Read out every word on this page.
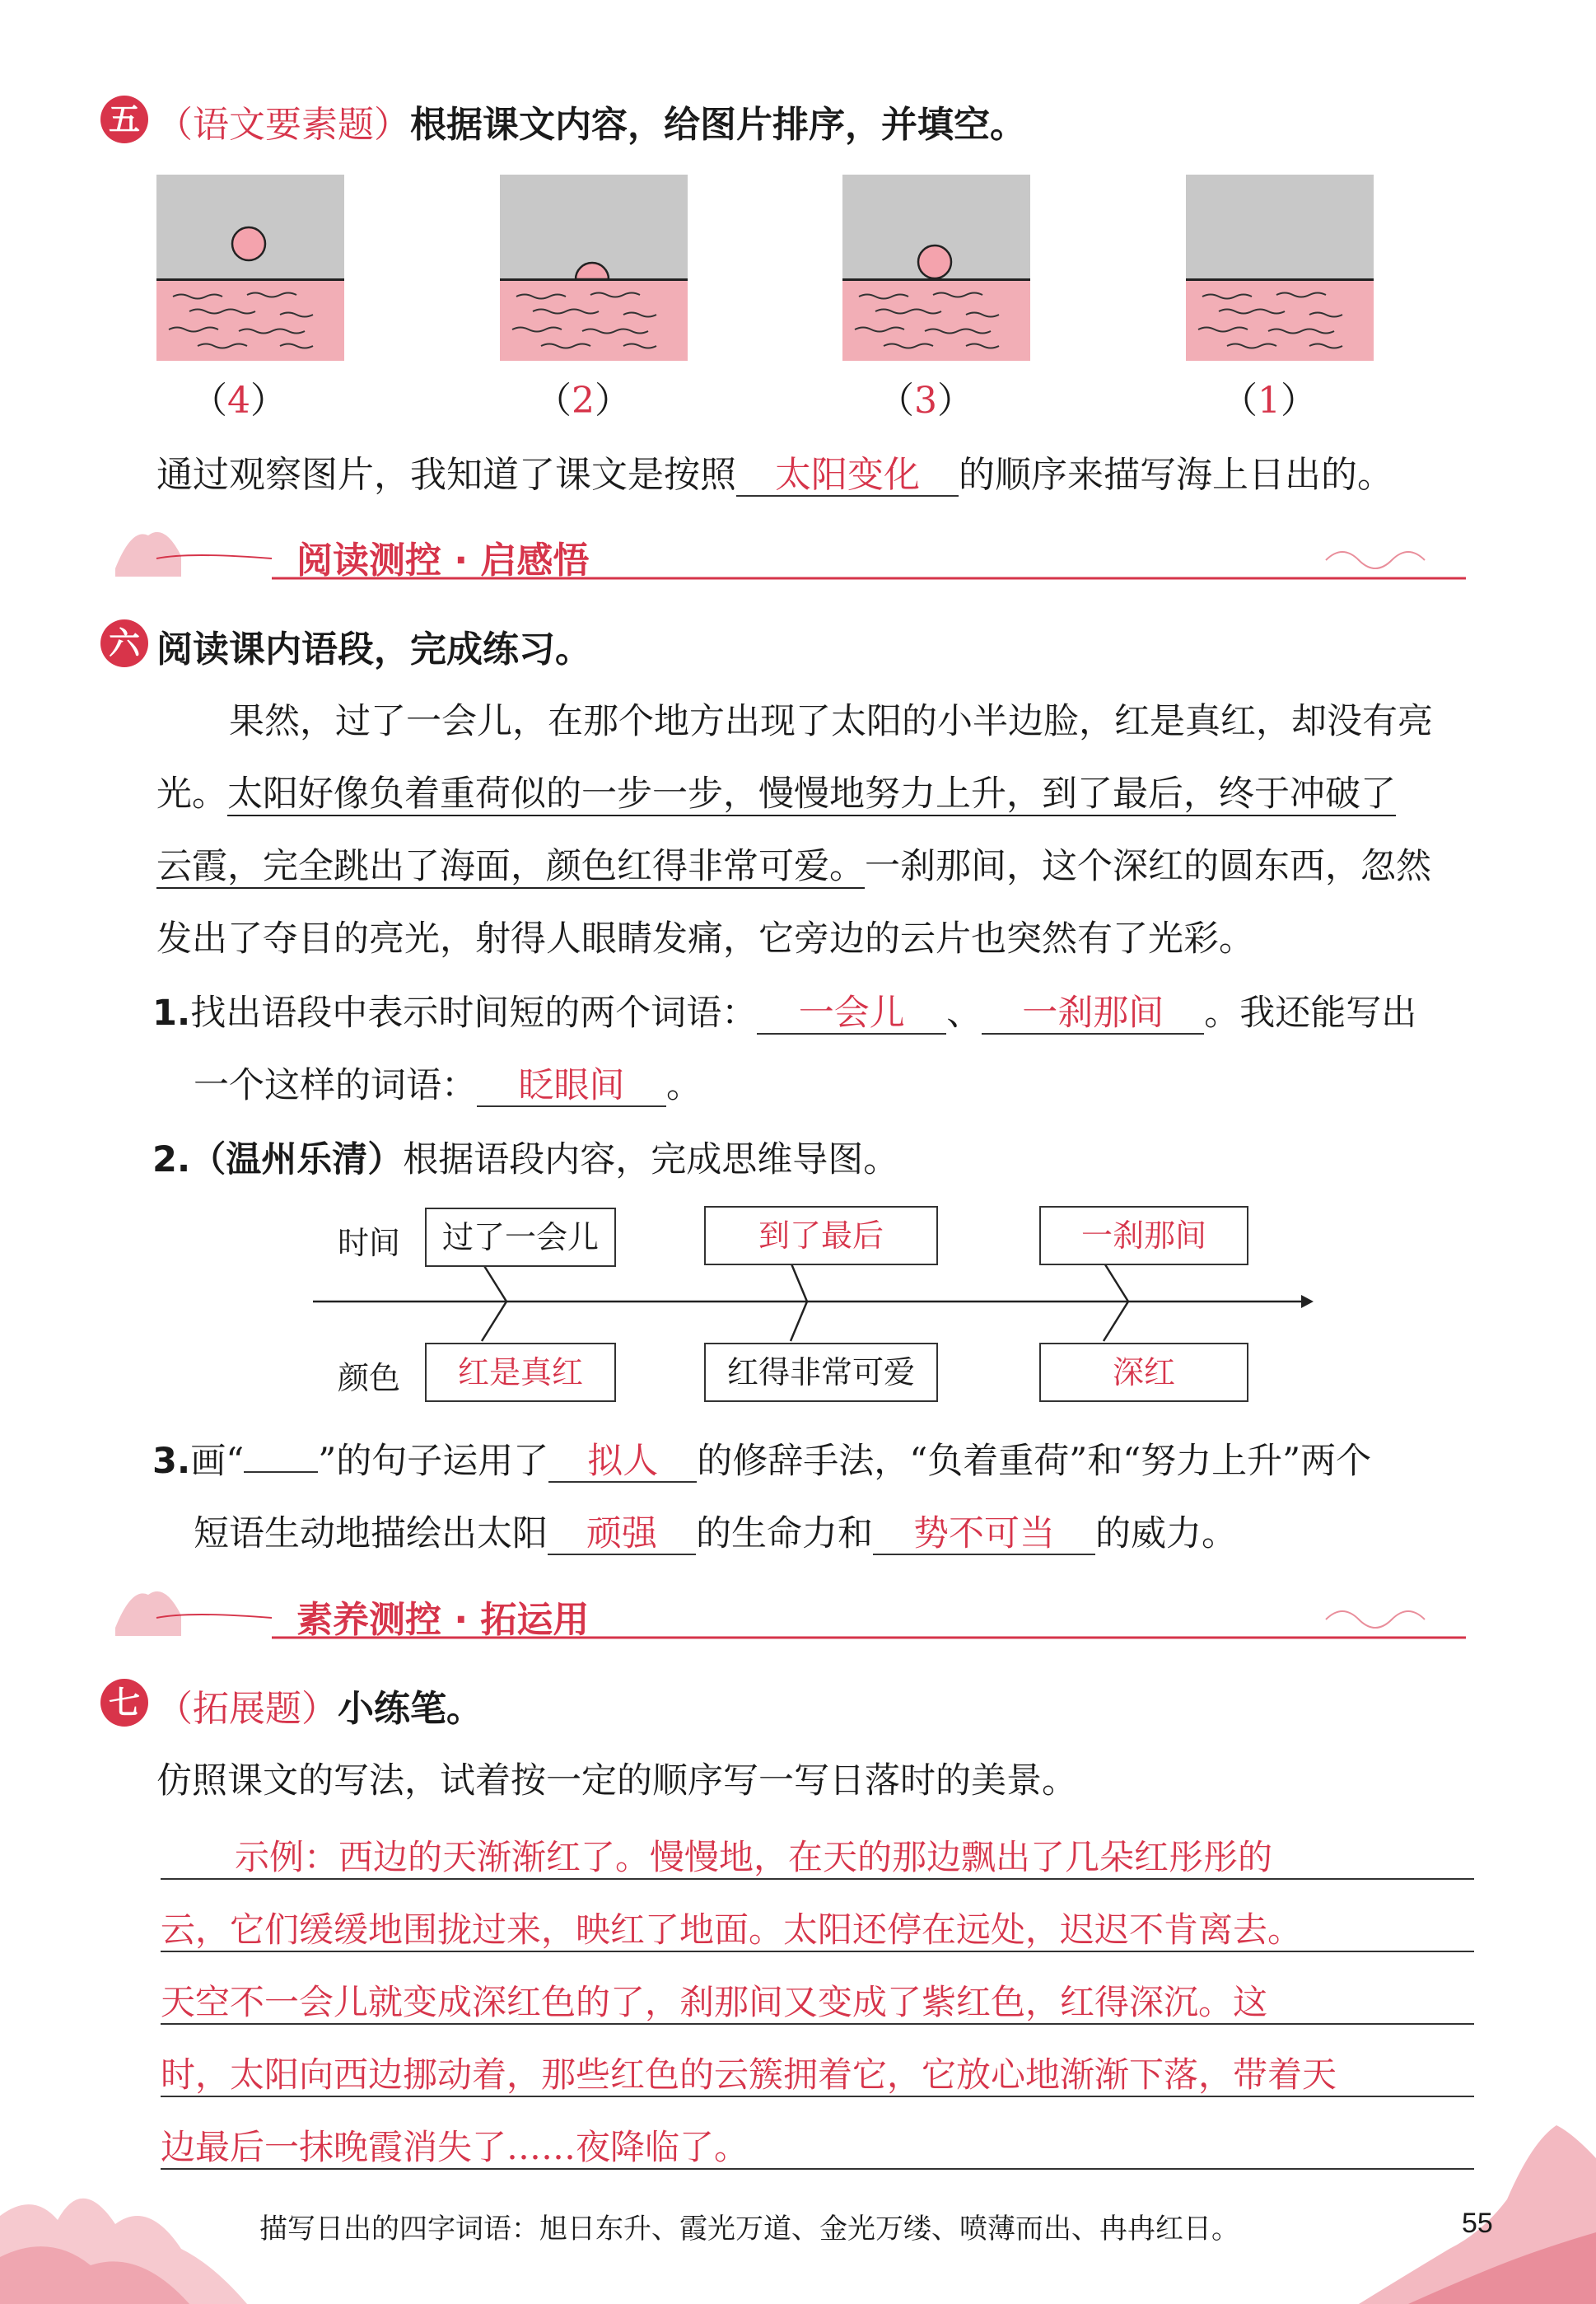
五 （语文要素题）根据课文内容，给图片排序，并填空。
（4）	（2）	（3）	（1）
通过观察图片，我知道了课文是按照 太阳变化 的顺序来描写海上日出的。
阅读测控 · 启感悟
六 阅读课内语段，完成练习。
果然，过了一会儿，在那个地方出现了太阳的小半边脸，红是真红，却没有亮
光。太阳好像负着重荷似的一步一步，慢慢地努力上升，到了最后，终于冲破了
云霞，完全跳出了海面，颜色红得非常可爱。一刹那间，这个深红的圆东西，忽然
发出了夺目的亮光，射得人眼睛发痛，它旁边的云片也突然有了光彩。
1.找出语段中表示时间短的两个词语： 一会儿 、 一刹那间 。我还能写出
一个这样的词语： 眨眼间 。
2.（温州乐清）根据语段内容，完成思维导图。
时间
颜色
过了一会儿	到了最后	一刹那间
红是真红	红得非常可爱	深红
3.画“ ”的句子运用了 拟人 的修辞手法，“负着重荷”和“努力上升”两个
短语生动地描绘出太阳 顽强 的生命力和 势不可当 的威力。
素养测控 · 拓运用
七 （拓展题）小练笔。
仿照课文的写法，试着按一定的顺序写一写日落时的美景。
示例：西边的天渐渐红了。慢慢地，在天的那边飘出了几朵红彤彤的
云，它们缓缓地围拢过来，映红了地面。太阳还停在远处，迟迟不肯离去。
天空不一会儿就变成深红色的了，刹那间又变成了紫红色，红得深沉。这
时，太阳向西边挪动着，那些红色的云簇拥着它，它放心地渐渐下落，带着天
边最后一抹晚霞消失了……夜降临了。
描写日出的四字词语：旭日东升、霞光万道、金光万缕、喷薄而出、冉冉红日。	55
